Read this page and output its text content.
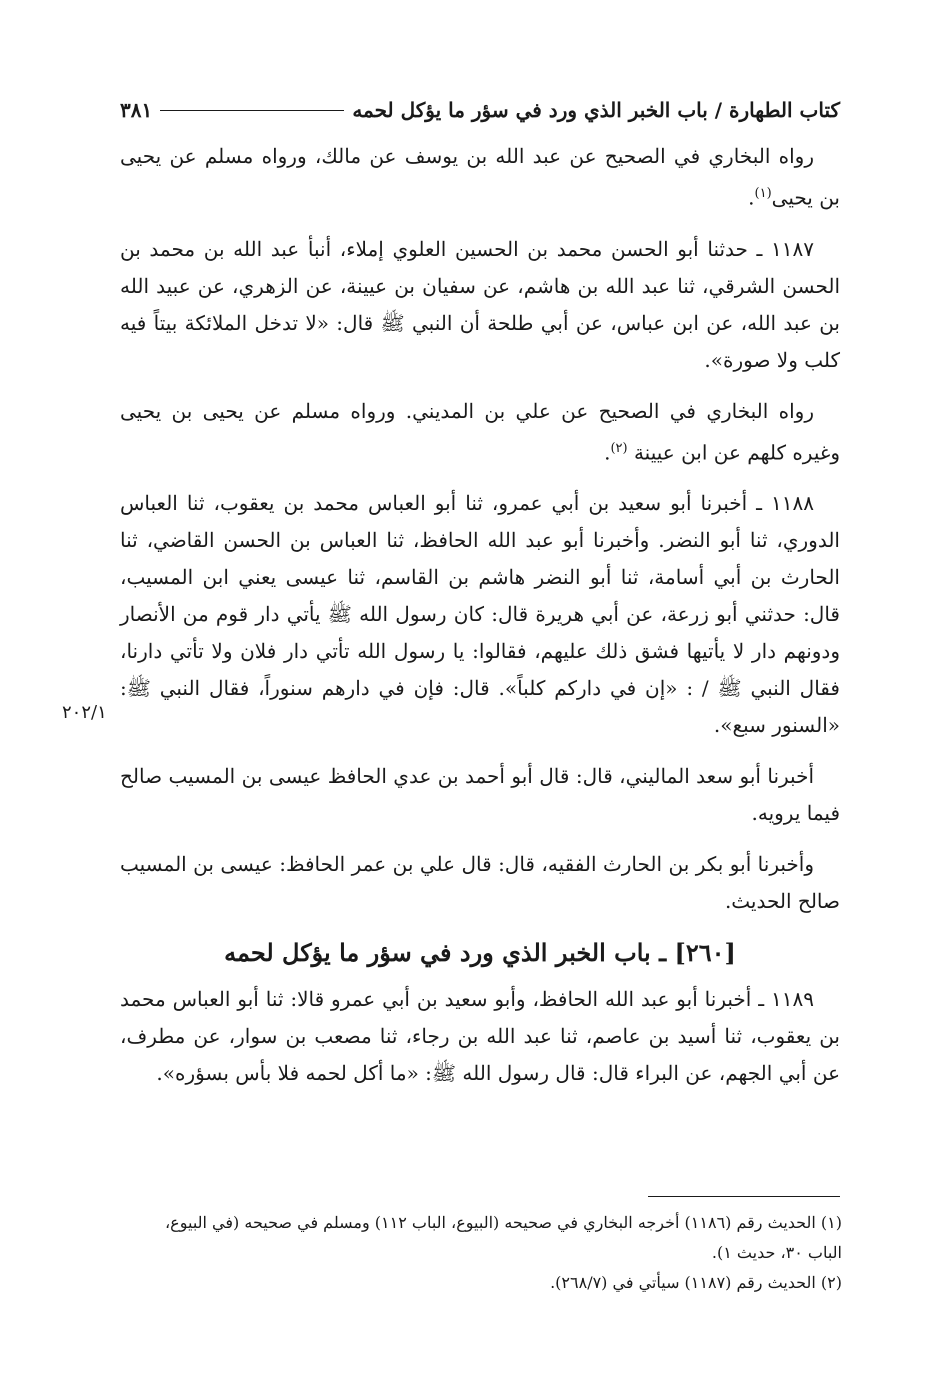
كتاب الطهارة / باب الخبر الذي ورد في سؤر ما يؤكل لحمه
٣٨١

رواه البخاري في الصحيح عن عبد الله بن يوسف عن مالك، ورواه مسلم عن يحيى بن يحيى$^{(١)}$.

١١٨٧ ـ حدثنا أبو الحسن محمد بن الحسين العلوي إملاء، أنبأ عبد الله بن محمد بن الحسن الشرقي، ثنا عبد الله بن هاشم، عن سفيان بن عيينة، عن الزهري، عن عبيد الله بن عبد الله، عن ابن عباس، عن أبي طلحة أن النبي ﷺ قال: «لا تدخل الملائكة بيتاً فيه كلب ولا صورة».

رواه البخاري في الصحيح عن علي بن المديني. ورواه مسلم عن يحيى بن يحيى وغيره كلهم عن ابن عيينة $^{(٢)}$.

١١٨٨ ـ أخبرنا أبو سعيد بن أبي عمرو، ثنا أبو العباس محمد بن يعقوب، ثنا العباس الدوري، ثنا أبو النضر. وأخبرنا أبو عبد الله الحافظ، ثنا العباس بن الحسن القاضي، ثنا الحارث بن أبي أسامة، ثنا أبو النضر هاشم بن القاسم، ثنا عيسى يعني ابن المسيب، قال: حدثني أبو زرعة، عن أبي هريرة قال: كان رسول الله ﷺ يأتي دار قوم من الأنصار ودونهم دار لا يأتيها فشق ذلك عليهم، فقالوا: يا رسول الله تأتي دار فلان ولا تأتي دارنا، فقال النبي ﷺ / : «إن في داركم كلباً». قال: فإن في دارهم سنوراً، فقال النبي ﷺ: «السنور سبع».

أخبرنا أبو سعد الماليني، قال: قال أبو أحمد بن عدي الحافظ عيسى بن المسيب صالح فيما يرويه.

وأخبرنا أبو بكر بن الحارث الفقيه، قال: قال علي بن عمر الحافظ: عيسى بن المسيب صالح الحديث.

[٢٦٠] ـ باب الخبر الذي ورد في سؤر ما يؤكل لحمه

١١٨٩ ـ أخبرنا أبو عبد الله الحافظ، وأبو سعيد بن أبي عمرو قالا: ثنا أبو العباس محمد بن يعقوب، ثنا أسيد بن عاصم، ثنا عبد الله بن رجاء، ثنا مصعب بن سوار، عن مطرف، عن أبي الجهم، عن البراء قال: قال رسول الله ﷺ: «ما أكل لحمه فلا بأس بسؤره».

٢٠٢/١

(١) الحديث رقم (١١٨٦) أخرجه البخاري في صحيحه (البيوع، الباب ١١٢) ومسلم في صحيحه (في البيوع، الباب ٣٠، حديث ١).

(٢) الحديث رقم (١١٨٧) سيأتي في (٢٦٨/٧).
